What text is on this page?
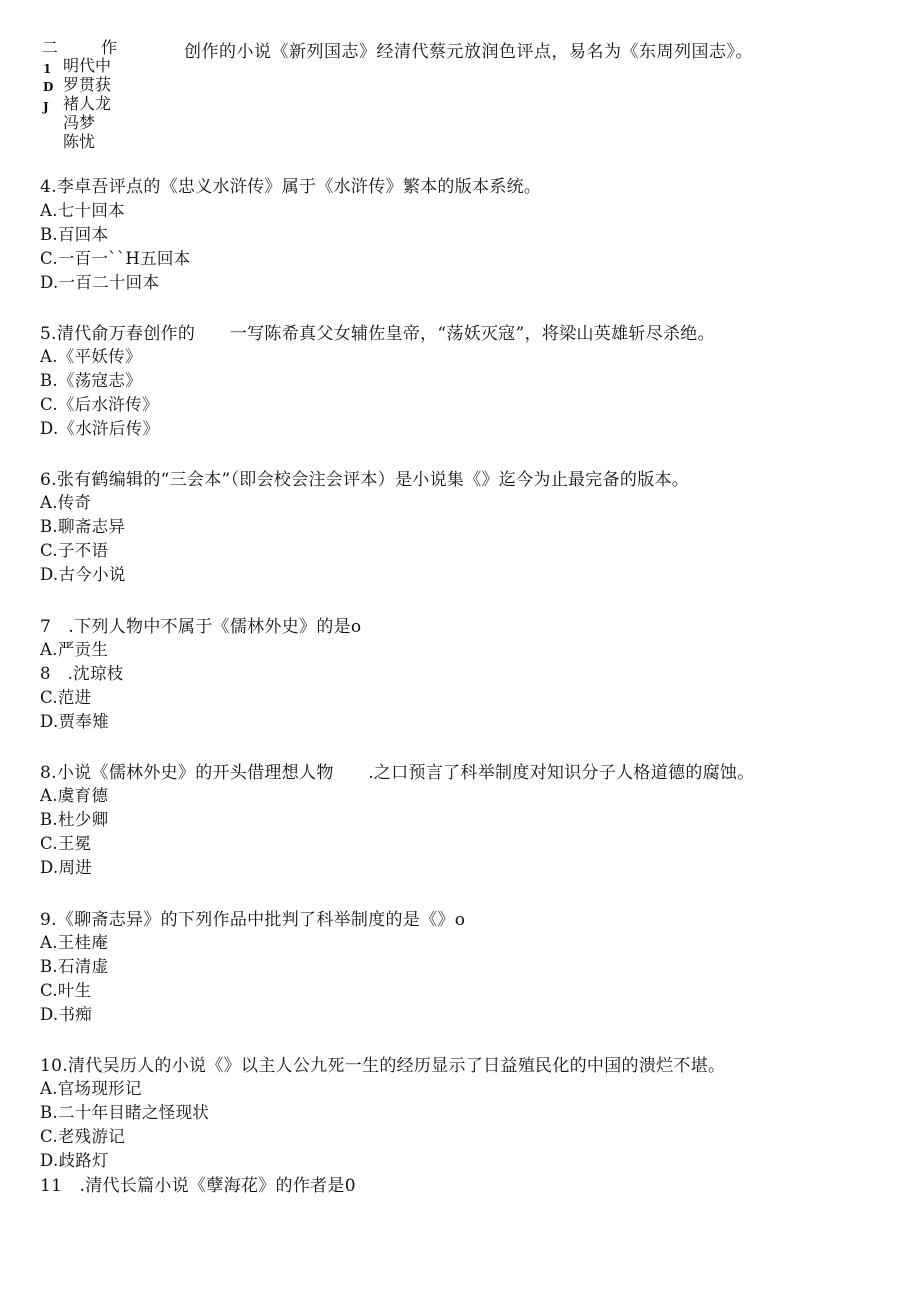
二	作	创作的小说《新列国志》经清代蔡元放润色评点，易名为《东周列国志》。
1
D
J
明代中
罗贯获
褚人龙
冯梦
陈忧
4.李卓吾评点的《忠义水浒传》属于《水浒传》繁本的版本系统。
A.七十回本
B.百回本
C.一百一``H五回本
D.一百二十回本
5.清代俞万春创作的　　一写陈希真父女辅佐皇帝，“荡妖灭寇”，将梁山英雄斩尽杀绝。
A.《平妖传》
B.《荡寇志》
C.《后水浒传》
D.《水浒后传》
6.张有鹤编辑的“三会本”（即会校会注会评本）是小说集《》迄今为止最完备的版本。
A.传奇
B.聊斋志异
C.子不语
D.古今小说
7　.下列人物中不属于《儒林外史》的是o
A.严贡生
8　.沈琼枝
C.范进
D.贾奉雉
8.小说《儒林外史》的开头借理想人物　　.之口预言了科举制度对知识分子人格道德的腐蚀。
A.虞育德
B.杜少卿
C.王冕
D.周进
9.《聊斋志异》的下列作品中批判了科举制度的是《》o
A.王桂庵
B.石清虚
C.叶生
D.书痴
10.清代吴历人的小说《》以主人公九死一生的经历显示了日益殖民化的中国的溃烂不堪。
A.官场现形记
B.二十年目睹之怪现状
C.老残游记
D.歧路灯
11　.清代长篇小说《孽海花》的作者是0
